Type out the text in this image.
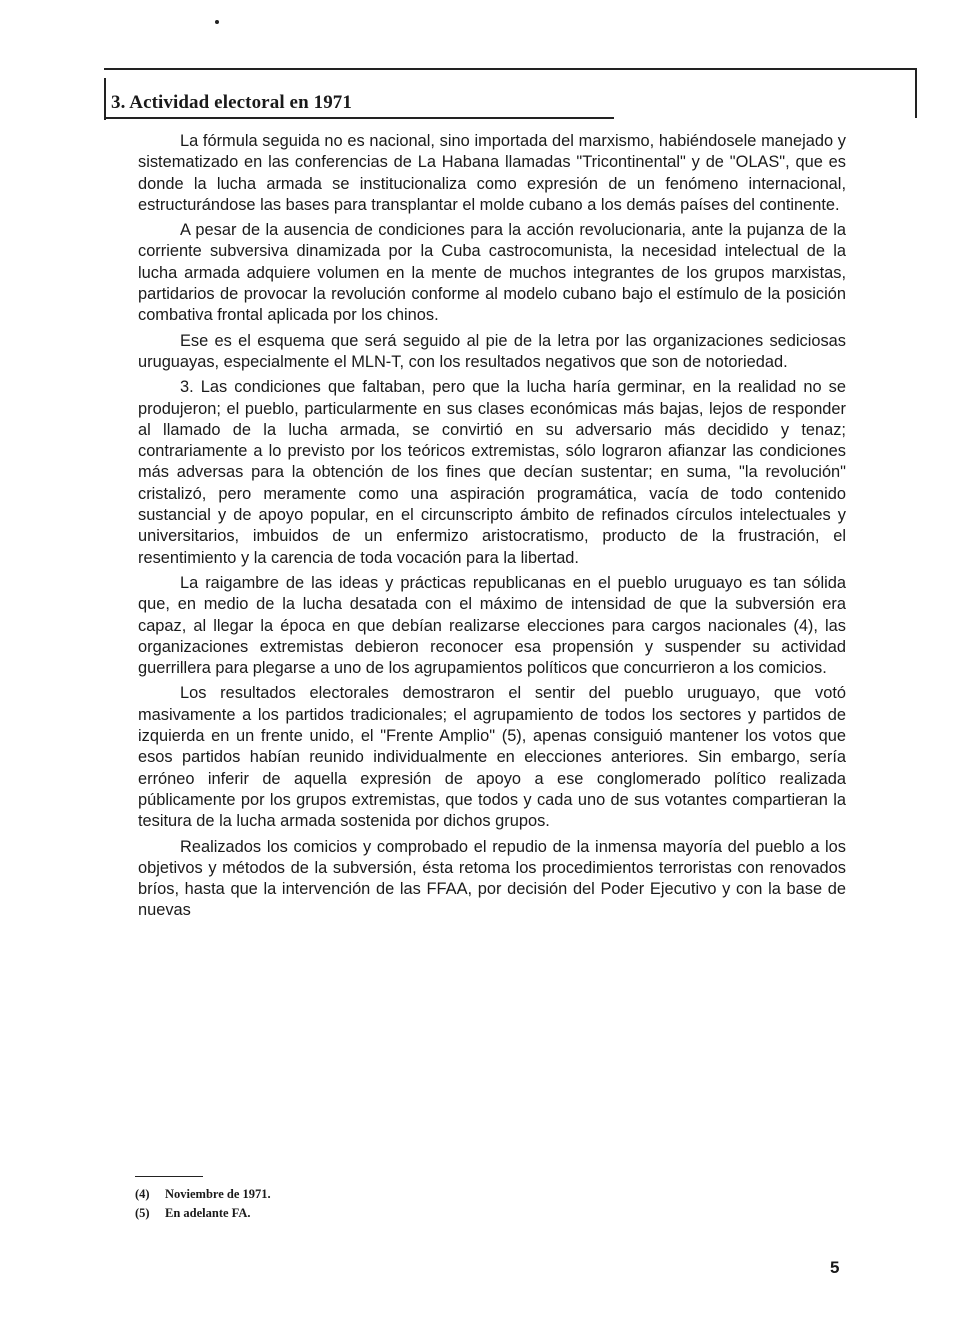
3. Actividad electoral en 1971

La fórmula seguida no es nacional, sino importada del marxismo, habiéndosele manejado y sistematizado en las conferencias de La Habana llamadas "Tricontinental" y de "OLAS", que es donde la lucha armada se institucionaliza como expresión de un fenómeno internacional, estructurándose las bases para transplantar el molde cubano a los demás países del continente.

A pesar de la ausencia de condiciones para la acción revolucionaria, ante la pujanza de la corriente subversiva dinamizada por la Cuba castrocomunista, la necesidad intelectual de la lucha armada adquiere volumen en la mente de muchos integrantes de los grupos marxistas, partidarios de provocar la revolución conforme al modelo cubano bajo el estímulo de la posición combativa frontal aplicada por los chinos.

Ese es el esquema que será seguido al pie de la letra por las organizaciones sediciosas uruguayas, especialmente el MLN-T, con los resultados negativos que son de notoriedad.

3. Las condiciones que faltaban, pero que la lucha haría germinar, en la realidad no se produjeron; el pueblo, particularmente en sus clases económicas más bajas, lejos de responder al llamado de la lucha armada, se convirtió en su adversario más decidido y tenaz; contrariamente a lo previsto por los teóricos extremistas, sólo lograron afianzar las condiciones más adversas para la obtención de los fines que decían sustentar; en suma, "la revolución" cristalizó, pero meramente como una aspiración programática, vacía de todo contenido sustancial y de apoyo popular, en el circunscripto ámbito de refinados círculos intelectuales y universitarios, imbuidos de un enfermizo aristocratismo, producto de la frustración, el resentimiento y la carencia de toda vocación para la libertad.

La raigambre de las ideas y prácticas republicanas en el pueblo uruguayo es tan sólida que, en medio de la lucha desatada con el máximo de intensidad de que la subversión era capaz, al llegar la época en que debían realizarse elecciones para cargos nacionales (4), las organizaciones extremistas debieron reconocer esa propensión y suspender su actividad guerrillera para plegarse a uno de los agrupamientos políticos que concurrieron a los comicios.

Los resultados electorales demostraron el sentir del pueblo uruguayo, que votó masivamente a los partidos tradicionales; el agrupamiento de todos los sectores y partidos de izquierda en un frente unido, el "Frente Amplio" (5), apenas consiguió mantener los votos que esos partidos habían reunido individualmente en elecciones anteriores. Sin embargo, sería erróneo inferir de aquella expresión de apoyo a ese conglomerado político realizada públicamente por los grupos extremistas, que todos y cada uno de sus votantes compartieran la tesitura de la lucha armada sostenida por dichos grupos.

Realizados los comicios y comprobado el repudio de la inmensa mayoría del pueblo a los objetivos y métodos de la subversión, ésta retoma los procedimientos terroristas con renovados bríos, hasta que la intervención de las FFAA, por decisión del Poder Ejecutivo y con la base de nuevas

(4) Noviembre de 1971.
(5) En adelante FA.
5
